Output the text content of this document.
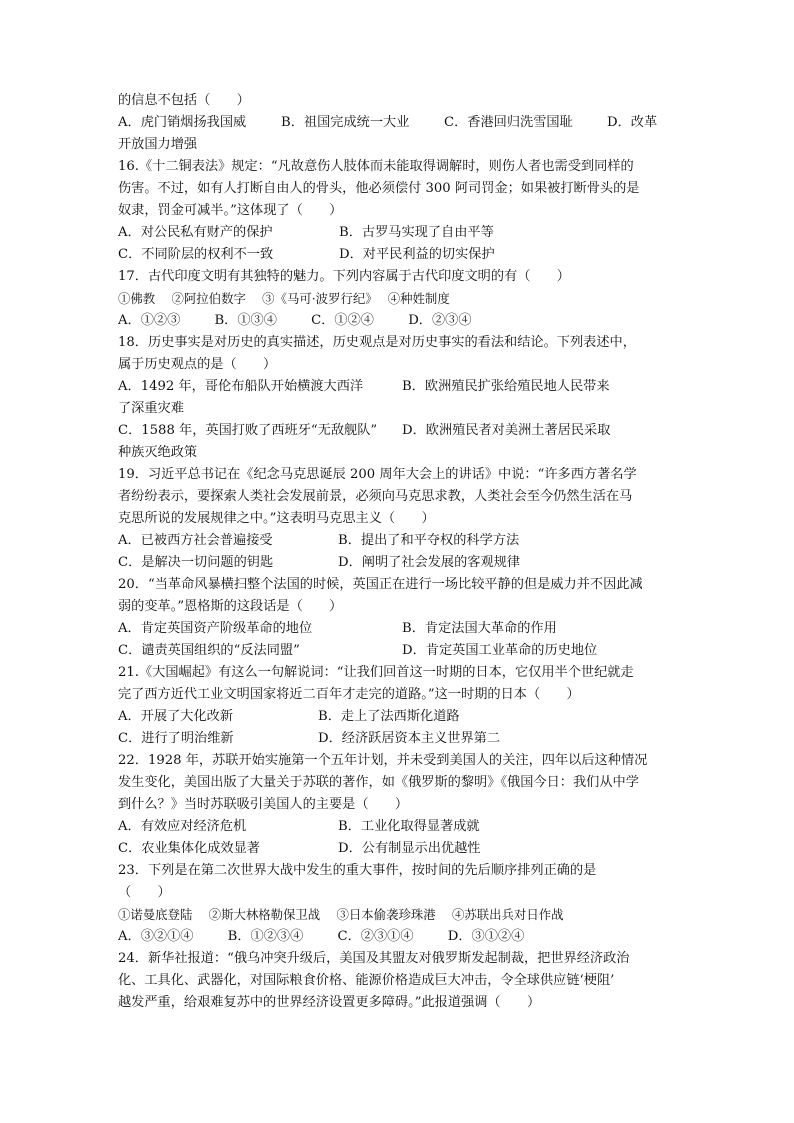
的信息不包括（　　）
A．虎门销烟扬我国威	B．祖国完成统一大业	C．香港回归洗雪国耻	D．改革
开放国力增强
16.《十二铜表法》规定：“凡故意伤人肢体而未能取得调解时，则伤人者也需受到同样的
伤害。不过，如有人打断自由人的骨头，他必须偿付 300 阿司罚金；如果被打断骨头的是
奴隶，罚金可减半。”这体现了（　　）
A．对公民私有财产的保护	B．古罗马实现了自由平等
C．不同阶层的权利不一致	D．对平民利益的切实保护
17．古代印度文明有其独特的魅力。下列内容属于古代印度文明的有（　　）
①佛教　 ②阿拉伯数字　 ③《马可·波罗行纪》　 ④种姓制度
A．①②③	B．①③④	C．①②④	D．②③④
18．历史事实是对历史的真实描述，历史观点是对历史事实的看法和结论。下列表述中，
属于历史观点的是（　　）
A．1492 年，哥伦布船队开始横渡大西洋	B．欧洲殖民扩张给殖民地人民带来
了深重灾难
C．1588 年，英国打败了西班牙“无敌舰队”	D．欧洲殖民者对美洲土著居民采取
种族灭绝政策
19．习近平总书记在《纪念马克思诞辰 200 周年大会上的讲话》中说：“许多西方著名学
者纷纷表示，要探索人类社会发展前景，必须向马克思求教，人类社会至今仍然生活在马
克思所说的发展规律之中。”这表明马克思主义（　　）
A．已被西方社会普遍接受	B．提出了和平夺权的科学方法
C．是解决一切问题的钥匙	D．阐明了社会发展的客观规律
20．“当革命风暴横扫整个法国的时候，英国正在进行一场比较平静的但是威力并不因此减
弱的变革。”恩格斯的这段话是（　　）
A．肯定英国资产阶级革命的地位	B．肯定法国大革命的作用
C．谴责英国组织的“反法同盟”	D．肯定英国工业革命的历史地位
21.《大国崛起》有这么一句解说词：“让我们回首这一时期的日本，它仅用半个世纪就走
完了西方近代工业文明国家将近二百年才走完的道路。”这一时期的日本（　　）
A．开展了大化改新	B．走上了法西斯化道路
C．进行了明治维新	D．经济跃居资本主义世界第二
22．1928 年，苏联开始实施第一个五年计划，并未受到美国人的关注，四年以后这种情况
发生变化，美国出版了大量关于苏联的著作，如《俄罗斯的黎明》《俄国今日：我们从中学
到什么？》当时苏联吸引美国人的主要是（　　）
A．有效应对经济危机	B．工业化取得显著成就
C．农业集体化成效显著	D．公有制显示出优越性
23．下列是在第二次世界大战中发生的重大事件，按时间的先后顺序排列正确的是
（　　）
①诺曼底登陆　 ②斯大林格勒保卫战　 ③日本偷袭珍珠港　 ④苏联出兵对日作战
A．③②①④	B．①②③④	C．②③①④	D．③①②④
24．新华社报道：“俄乌冲突升级后，美国及其盟友对俄罗斯发起制裁，把世界经济政治
化、工具化、武器化，对国际粮食价格、能源价格造成巨大冲击，令全球供应链‘梗阻’
越发严重，给艰难复苏中的世界经济设置更多障碍。”此报道强调（　　）
